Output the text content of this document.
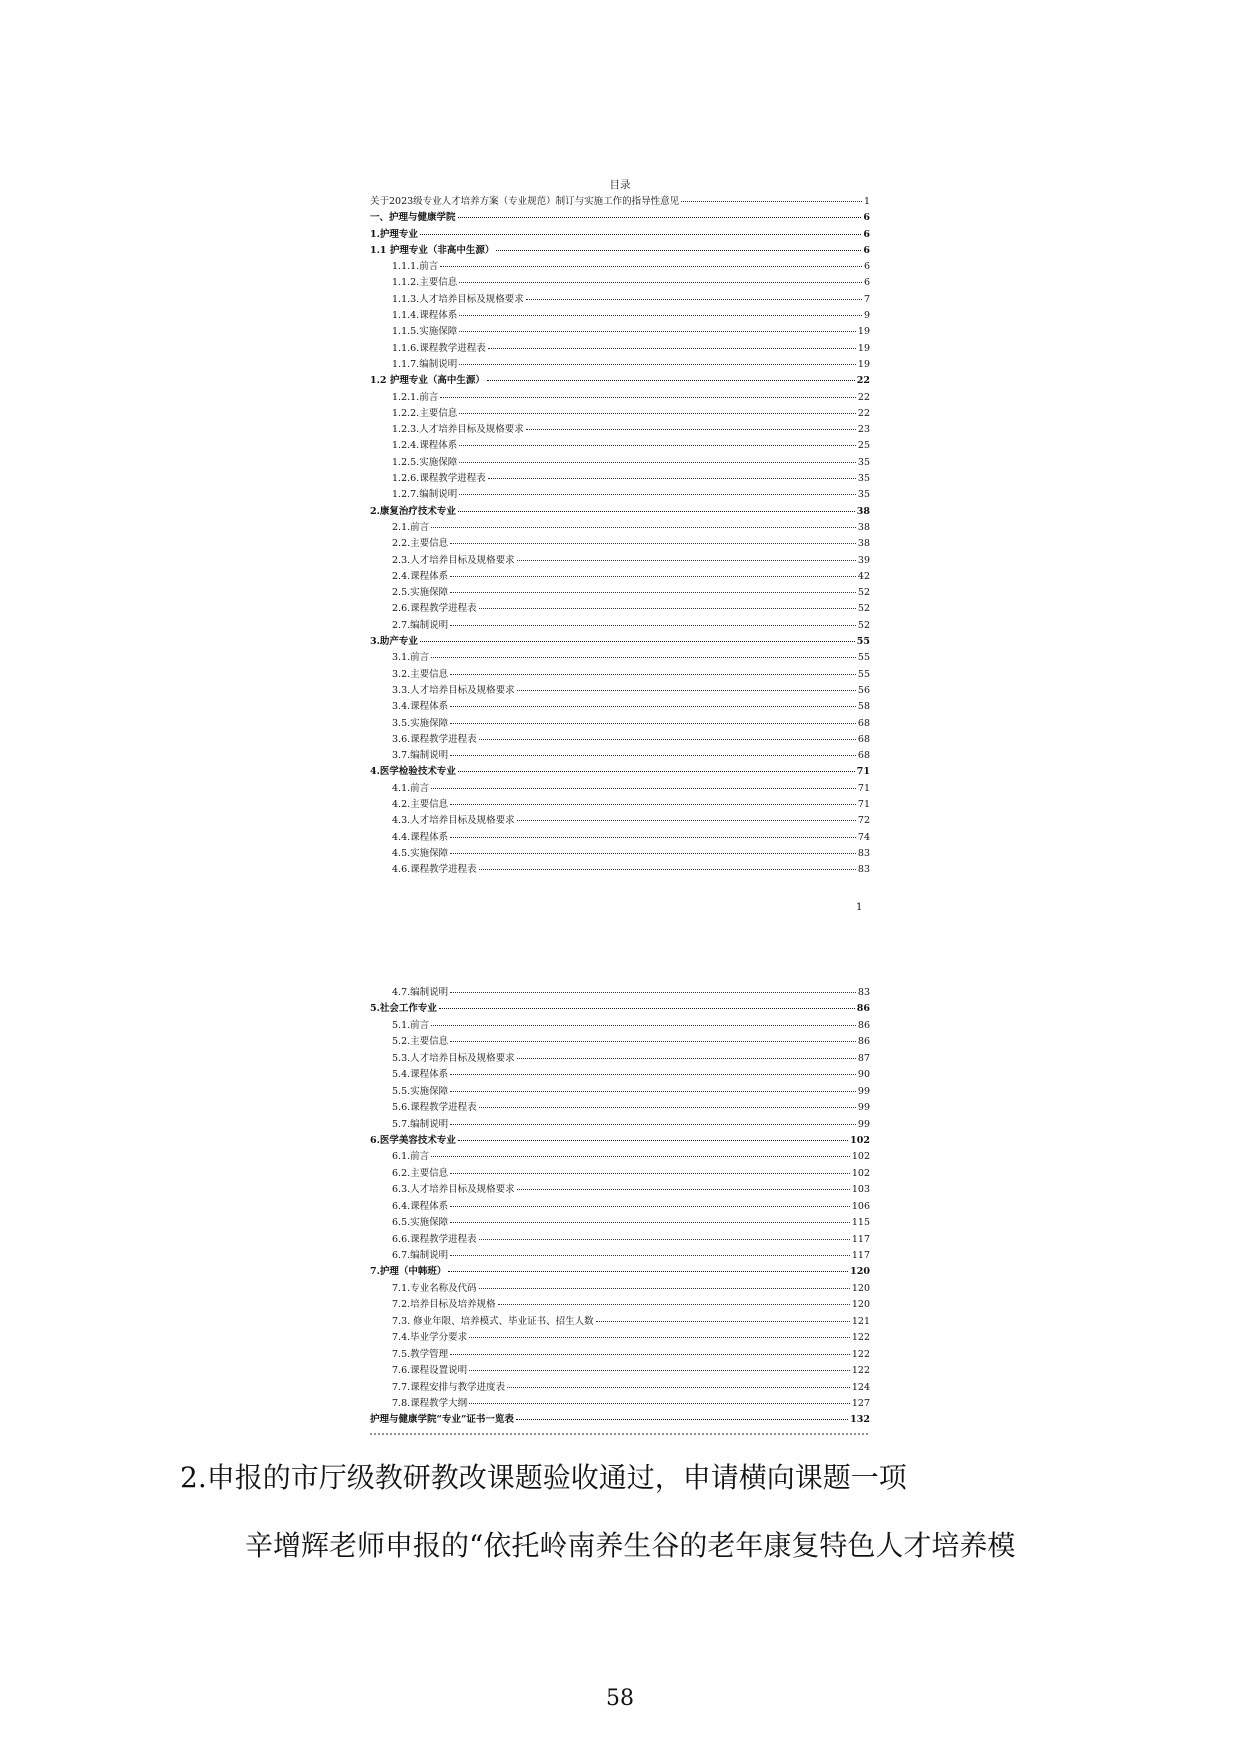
目录
关于2023级专业人才培养方案（专业规范）制订与实施工作的指导性意见	1
一、护理与健康学院	6
1.护理专业	6
1.1 护理专业（非高中生源）	6
1.1.1.前言	6
1.1.2.主要信息	6
1.1.3.人才培养目标及规格要求	7
1.1.4.课程体系	9
1.1.5.实施保障	19
1.1.6.课程教学进程表	19
1.1.7.编制说明	19
1.2 护理专业（高中生源）	22
1.2.1.前言	22
1.2.2.主要信息	22
1.2.3.人才培养目标及规格要求	23
1.2.4.课程体系	25
1.2.5.实施保障	35
1.2.6.课程教学进程表	35
1.2.7.编制说明	35
2.康复治疗技术专业	38
2.1.前言	38
2.2.主要信息	38
2.3.人才培养目标及规格要求	39
2.4.课程体系	42
2.5.实施保障	52
2.6.课程教学进程表	52
2.7.编制说明	52
3.助产专业	55
3.1.前言	55
3.2.主要信息	55
3.3.人才培养目标及规格要求	56
3.4.课程体系	58
3.5.实施保障	68
3.6.课程教学进程表	68
3.7.编制说明	68
4.医学检验技术专业	71
4.1.前言	71
4.2.主要信息	71
4.3.人才培养目标及规格要求	72
4.4.课程体系	74
4.5.实施保障	83
4.6.课程教学进程表	83
1
4.7.编制说明	83
5.社会工作专业	86
5.1.前言	86
5.2.主要信息	86
5.3.人才培养目标及规格要求	87
5.4.课程体系	90
5.5.实施保障	99
5.6.课程教学进程表	99
5.7.编制说明	99
6.医学美容技术专业	102
6.1.前言	102
6.2.主要信息	102
6.3.人才培养目标及规格要求	103
6.4.课程体系	106
6.5.实施保障	115
6.6.课程教学进程表	117
6.7.编制说明	117
7.护理（中韩班）	120
7.1.专业名称及代码	120
7.2.培养目标及培养规格	120
7.3. 修业年限、培养模式、毕业证书、招生人数	121
7.4.毕业学分要求	122
7.5.教学管理	122
7.6.课程设置说明	122
7.7.课程安排与教学进度表	124
7.8.课程教学大纲	127
护理与健康学院“专业”证书一览表	132
2.申报的市厅级教研教改课题验收通过，申请横向课题一项
辛增辉老师申报的“依托岭南养生谷的老年康复特色人才培养模
58
